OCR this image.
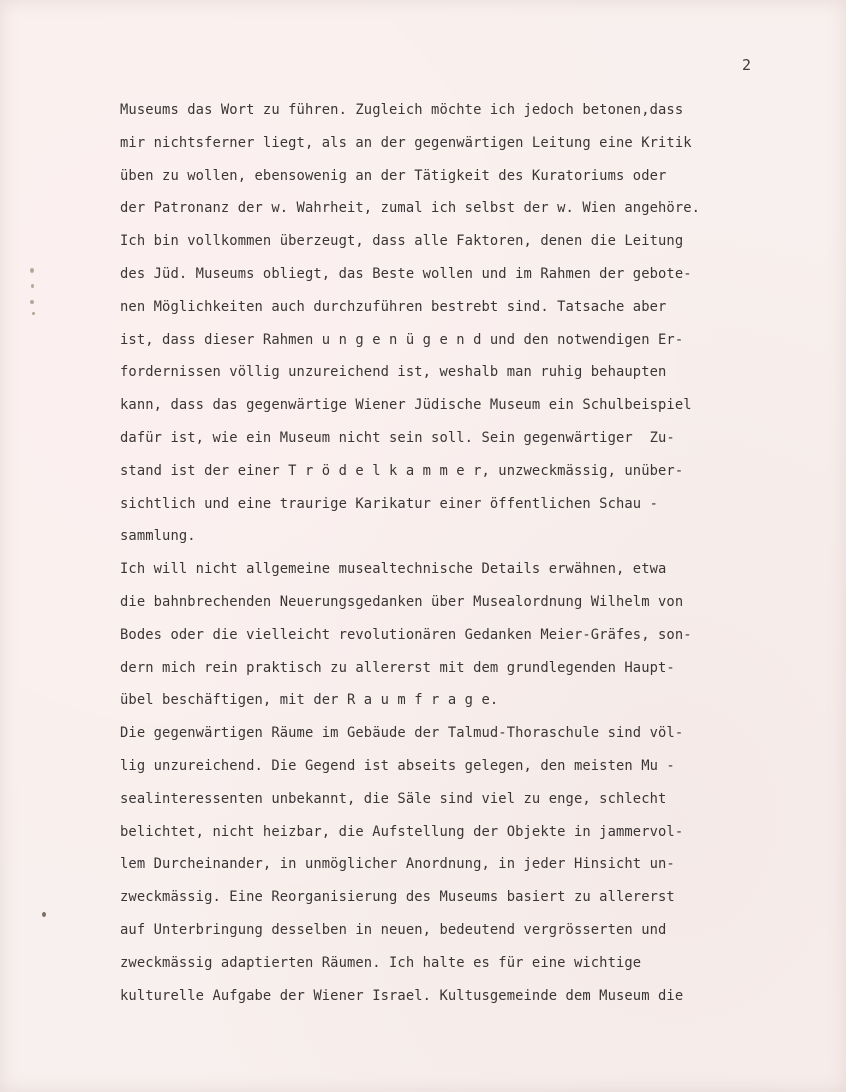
2
Museums das Wort zu führen. Zugleich möchte ich jedoch betonen,dass
mir nichtsferner liegt, als an der gegenwärtigen Leitung eine Kritik
üben zu wollen, ebensowenig an der Tätigkeit des Kuratoriums oder
der Patronanz der w. Wahrheit, zumal ich selbst der w. Wien angehöre.
Ich bin vollkommen überzeugt, dass alle Faktoren, denen die Leitung
des Jüd. Museums obliegt, das Beste wollen und im Rahmen der gebote-
nen Möglichkeiten auch durchzuführen bestrebt sind. Tatsache aber
ist, dass dieser Rahmen u n g e n ü g e n d und den notwendigen Er-
fordernissen völlig unzureichend ist, weshalb man ruhig behaupten
kann, dass das gegenwärtige Wiener Jüdische Museum ein Schulbeispiel
dafür ist, wie ein Museum nicht sein soll. Sein gegenwärtiger  Zu-
stand ist der einer T r ö d e l k a m m e r, unzweckmässig, unüber-
sichtlich und eine traurige Karikatur einer öffentlichen Schau -
sammlung.
Ich will nicht allgemeine musealtechnische Details erwähnen, etwa
die bahnbrechenden Neuerungsgedanken über Musealordnung Wilhelm von
Bodes oder die vielleicht revolutionären Gedanken Meier-Gräfes, son-
dern mich rein praktisch zu allererst mit dem grundlegenden Haupt-
übel beschäftigen, mit der R a u m f r a g e.
Die gegenwärtigen Räume im Gebäude der Talmud-Thoraschule sind völ-
lig unzureichend. Die Gegend ist abseits gelegen, den meisten Mu -
sealinteressenten unbekannt, die Säle sind viel zu enge, schlecht
belichtet, nicht heizbar, die Aufstellung der Objekte in jammervol-
lem Durcheinander, in unmöglicher Anordnung, in jeder Hinsicht un-
zweckmässig. Eine Reorganisierung des Museums basiert zu allererst
auf Unterbringung desselben in neuen, bedeutend vergrösserten und
zweckmässig adaptierten Räumen. Ich halte es für eine wichtige
kulturelle Aufgabe der Wiener Israel. Kultusgemeinde dem Museum die
